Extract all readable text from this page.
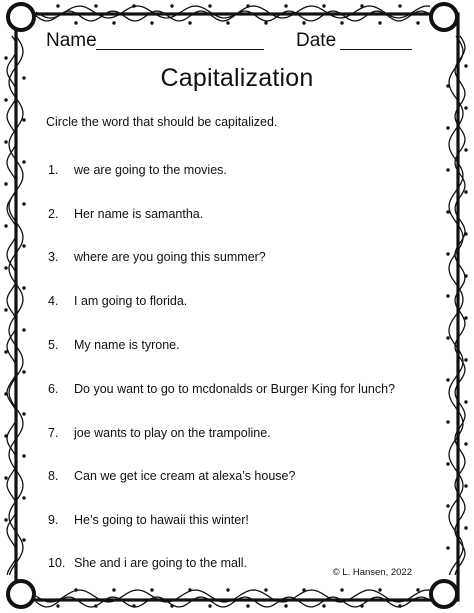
Name	Date
Capitalization
Circle the word that should be capitalized.
1. we are going to the movies.
2. Her name is samantha.
3. where are you going this summer?
4. I am going to florida.
5. My name is tyrone.
6. Do you want to go to mcdonalds or Burger King for lunch?
7. joe wants to play on the trampoline.
8. Can we get ice cream at alexa’s house?
9. He’s going to hawaii this winter!
10. She and i are going to the mall.
© L. Hansen, 2022
